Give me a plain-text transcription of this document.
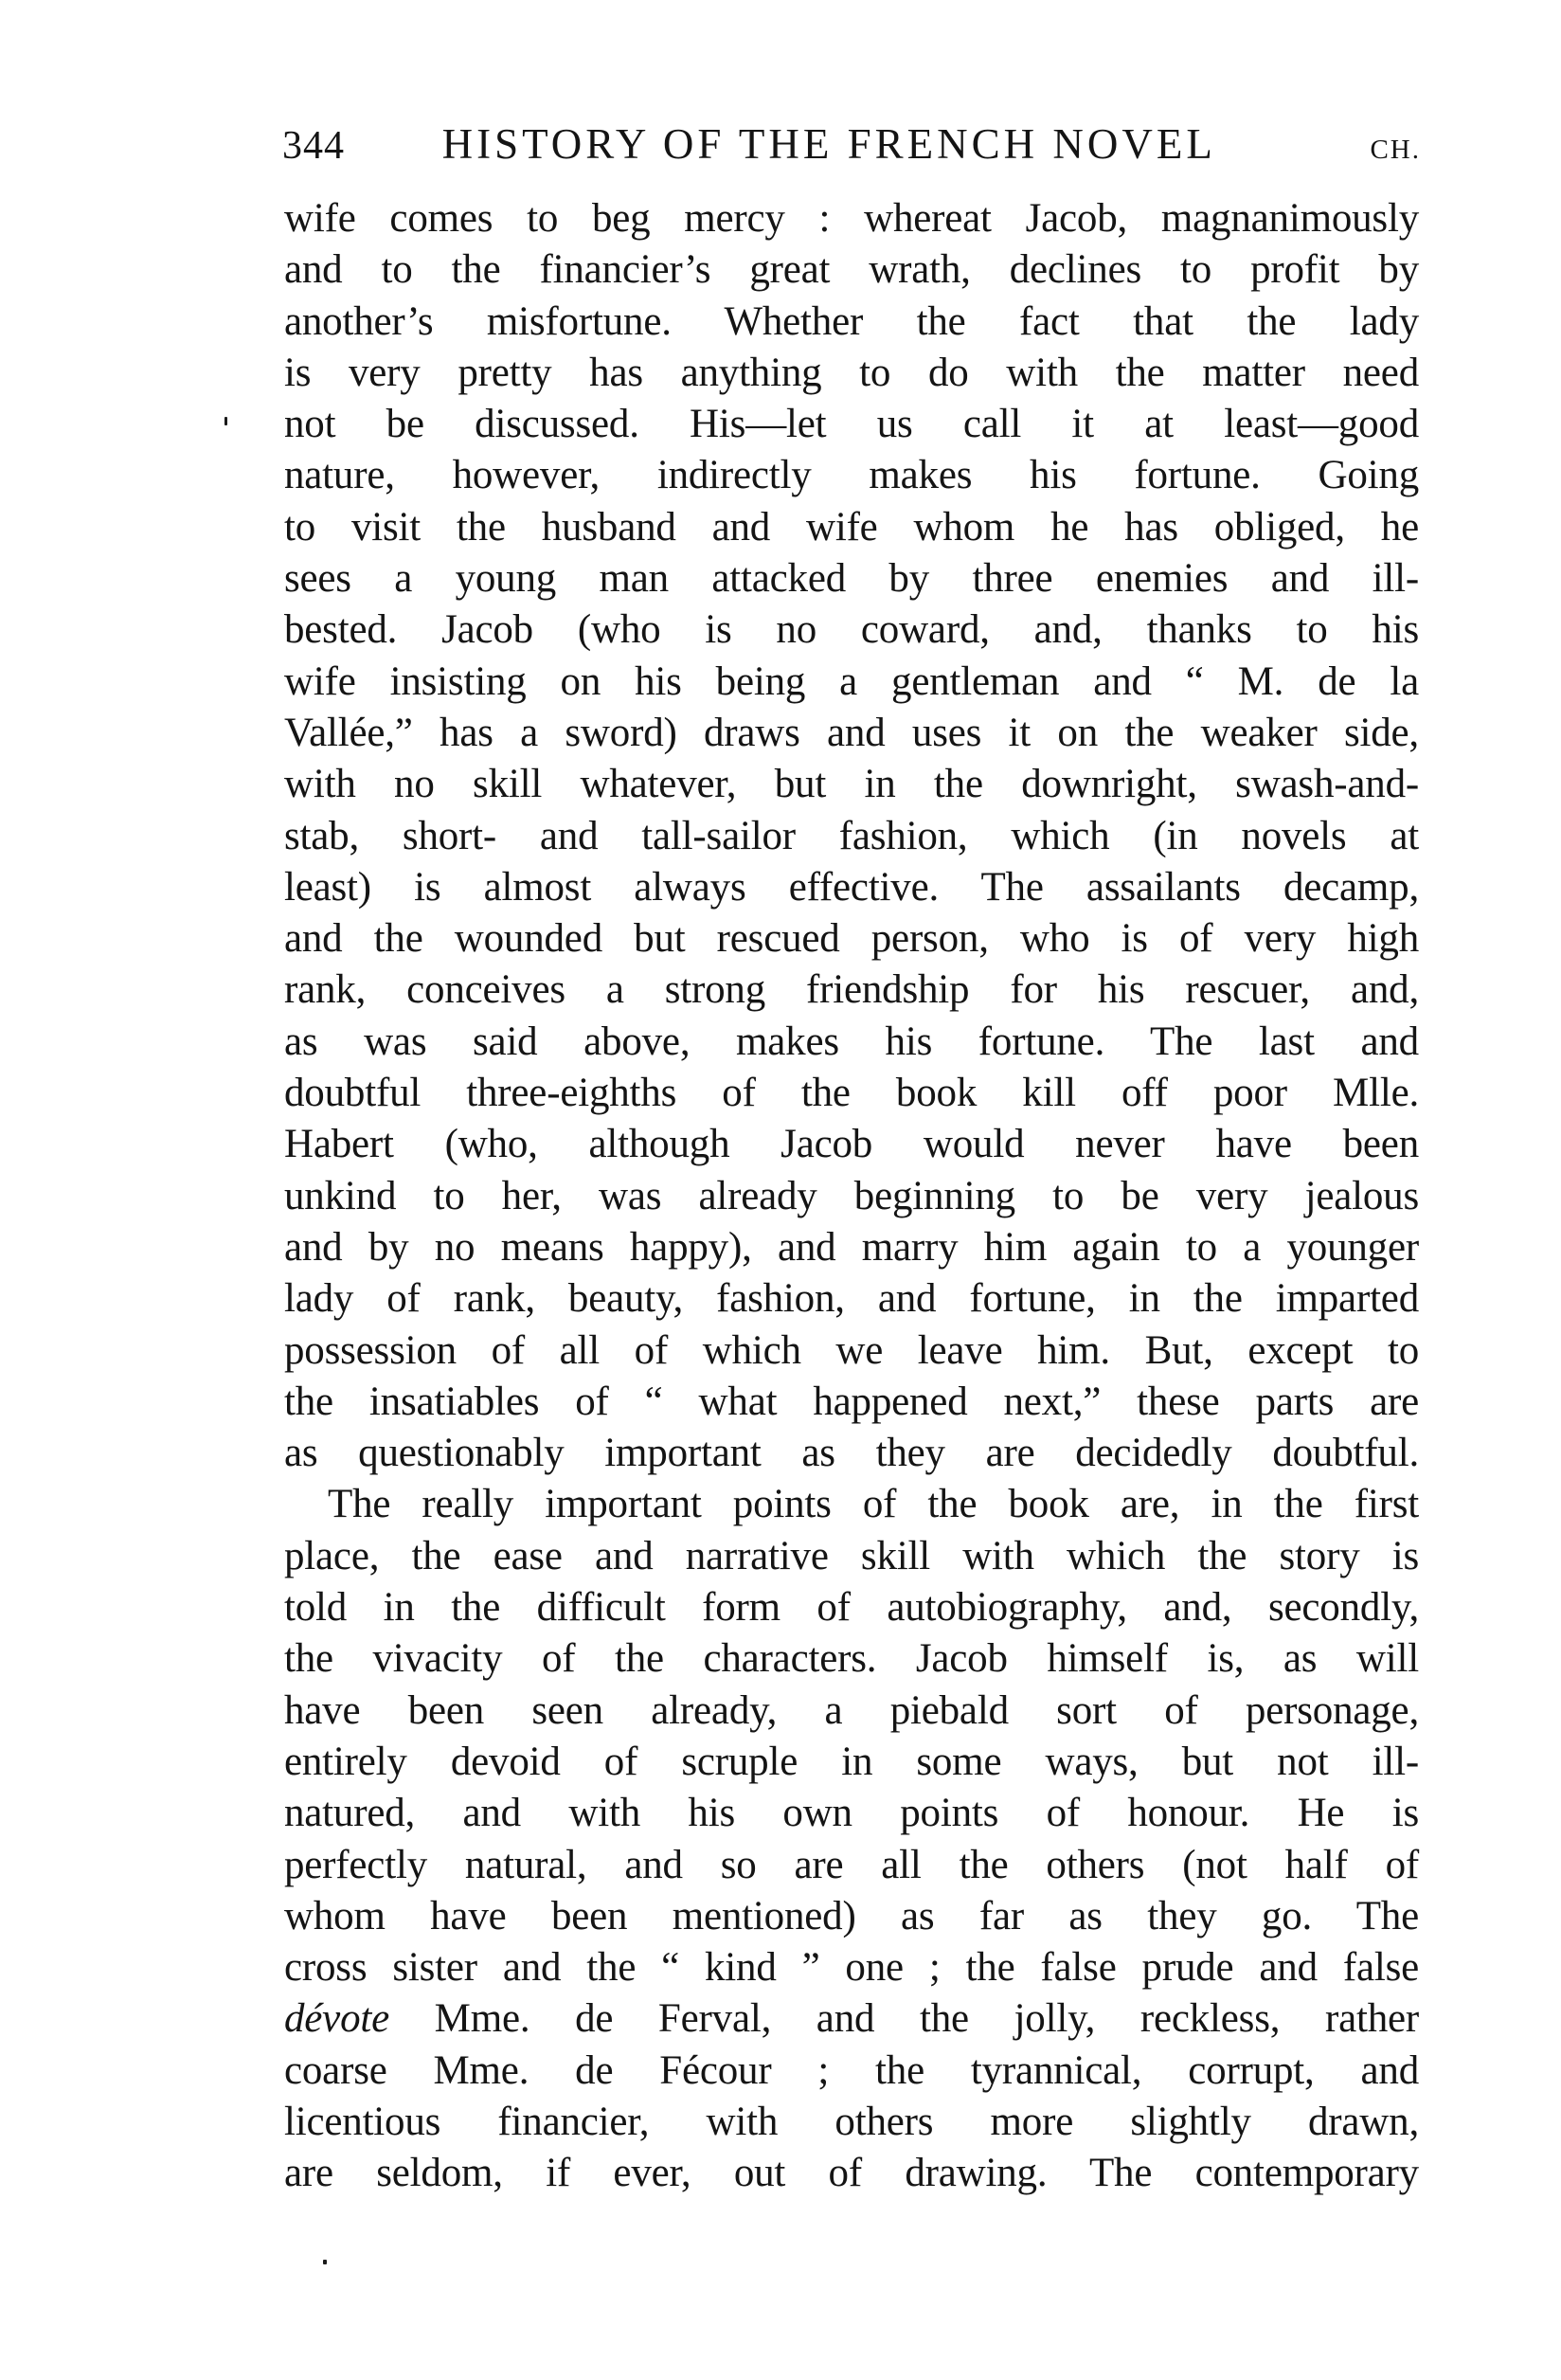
344	HISTORY OF THE FRENCH NOVEL	CH.
wife comes to beg mercy : whereat Jacob, magnanimously
and to the financier’s great wrath, declines to profit by
another’s misfortune. Whether the fact that the lady
is very pretty has anything to do with the matter need
not be discussed. His—let us call it at least—good
nature, however, indirectly makes his fortune. Going
to visit the husband and wife whom he has obliged, he
sees a young man attacked by three enemies and ill-
bested. Jacob (who is no coward, and, thanks to his
wife insisting on his being a gentleman and “ M. de la
Vallée,” has a sword) draws and uses it on the weaker side,
with no skill whatever, but in the downright, swash-and-
stab, short- and tall-sailor fashion, which (in novels at
least) is almost always effective. The assailants decamp,
and the wounded but rescued person, who is of very high
rank, conceives a strong friendship for his rescuer, and,
as was said above, makes his fortune. The last and
doubtful three-eighths of the book kill off poor Mlle.
Habert (who, although Jacob would never have been
unkind to her, was already beginning to be very jealous
and by no means happy), and marry him again to a younger
lady of rank, beauty, fashion, and fortune, in the imparted
possession of all of which we leave him. But, except to
the insatiables of “ what happened next,” these parts are
as questionably important as they are decidedly doubtful.
The really important points of the book are, in the first
place, the ease and narrative skill with which the story is
told in the difficult form of autobiography, and, secondly,
the vivacity of the characters. Jacob himself is, as will
have been seen already, a piebald sort of personage,
entirely devoid of scruple in some ways, but not ill-
natured, and with his own points of honour. He is
perfectly natural, and so are all the others (not half of
whom have been mentioned) as far as they go. The
cross sister and the “ kind ” one ; the false prude and false
dévote Mme. de Ferval, and the jolly, reckless, rather
coarse Mme. de Fécour ; the tyrannical, corrupt, and
licentious financier, with others more slightly drawn,
are seldom, if ever, out of drawing. The contemporary
